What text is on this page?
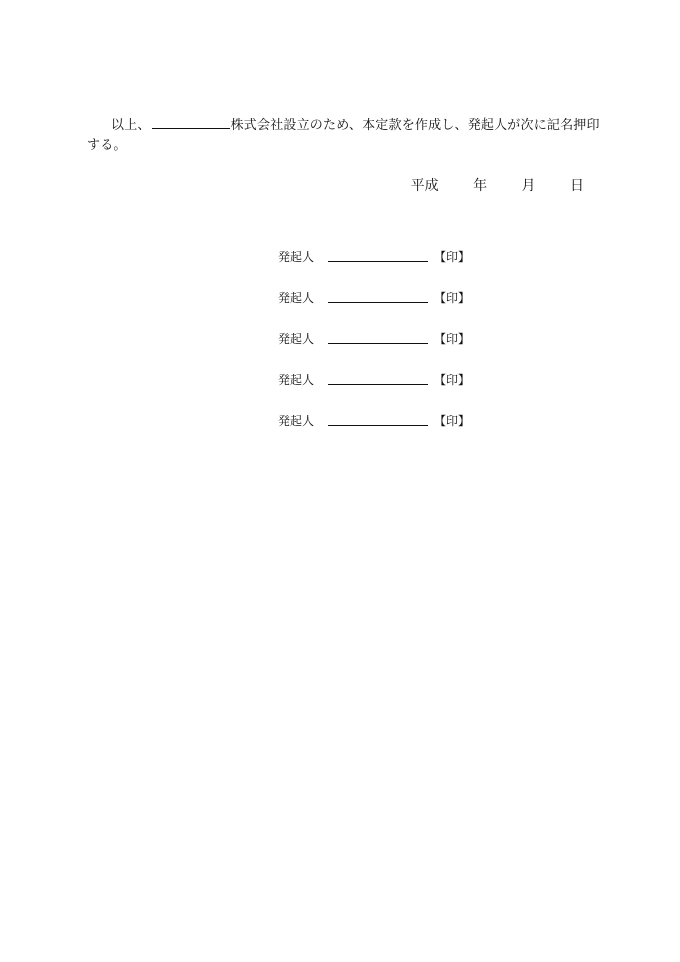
以上、	株式会社設立のため、本定款を作成し、発起人が次に記名押印
する。
平成 年 月 日
発起人	【印】
発起人	【印】
発起人	【印】
発起人	【印】
発起人	【印】
